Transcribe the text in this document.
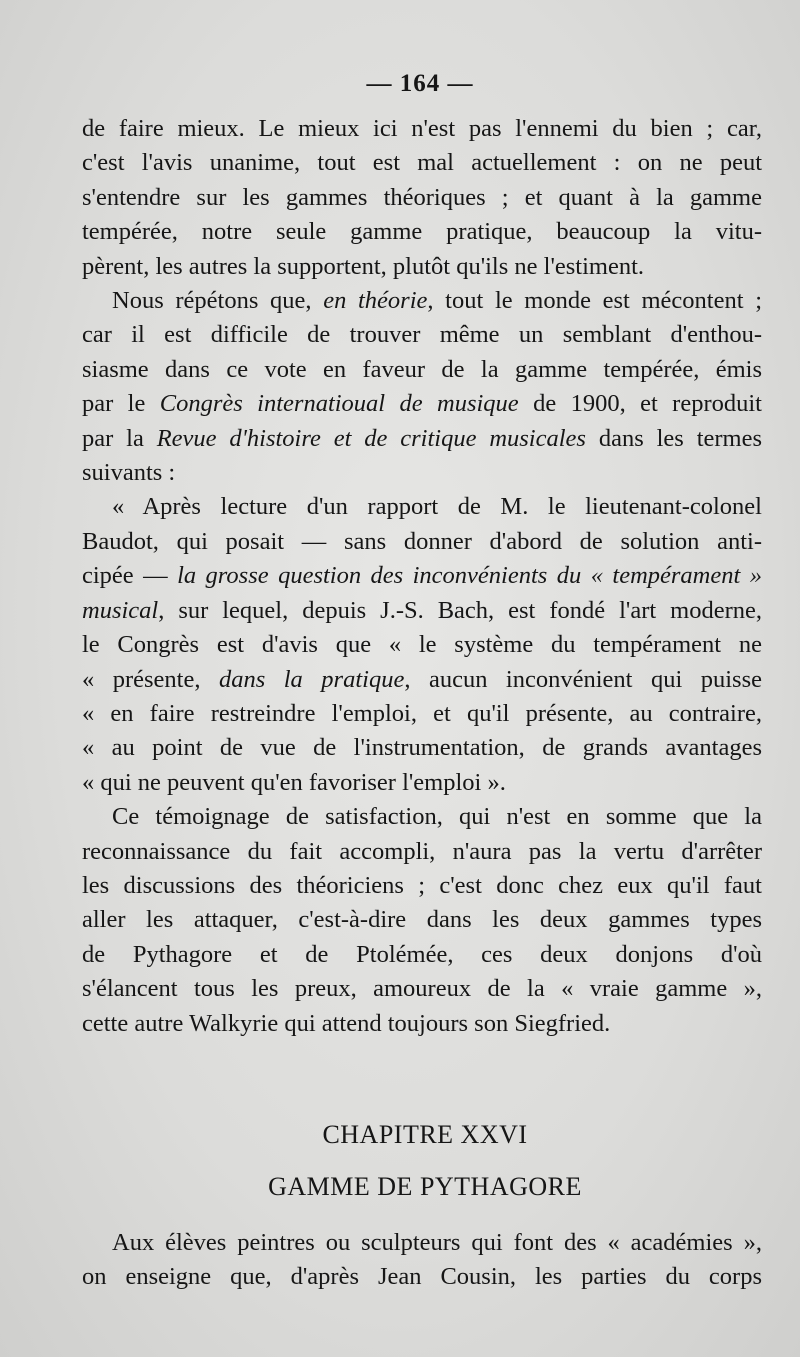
— 164 —

de faire mieux. Le mieux ici n'est pas l'ennemi du bien ; car,
c'est l'avis unanime, tout est mal actuellement : on ne peut
s'entendre sur les gammes théoriques ; et quant à la gamme
tempérée, notre seule gamme pratique, beaucoup la vitu-
pèrent, les autres la supportent, plutôt qu'ils ne l'estiment.

Nous répétons que, en théorie, tout le monde est mécontent ;
car il est difficile de trouver même un semblant d'enthou-
siasme dans ce vote en faveur de la gamme tempérée, émis
par le Congrès internatioual de musique de 1900, et reproduit
par la Revue d'histoire et de critique musicales dans les termes
suivants :

« Après lecture d'un rapport de M. le lieutenant-colonel
Baudot, qui posait — sans donner d'abord de solution anti-
cipée — la grosse question des inconvénients du « tempérament »
musical, sur lequel, depuis J.-S. Bach, est fondé l'art moderne,
le Congrès est d'avis que « le système du tempérament ne
« présente, dans la pratique, aucun inconvénient qui puisse
« en faire restreindre l'emploi, et qu'il présente, au contraire,
« au point de vue de l'instrumentation, de grands avantages
« qui ne peuvent qu'en favoriser l'emploi ».

Ce témoignage de satisfaction, qui n'est en somme que la
reconnaissance du fait accompli, n'aura pas la vertu d'arrêter
les discussions des théoriciens ; c'est donc chez eux qu'il faut
aller les attaquer, c'est-à-dire dans les deux gammes types
de Pythagore et de Ptolémée, ces deux donjons d'où
s'élancent tous les preux, amoureux de la « vraie gamme »,
cette autre Walkyrie qui attend toujours son Siegfried.

CHAPITRE XXVI
GAMME DE PYTHAGORE

Aux élèves peintres ou sculpteurs qui font des « académies »,
on enseigne que, d'après Jean Cousin, les parties du corps
